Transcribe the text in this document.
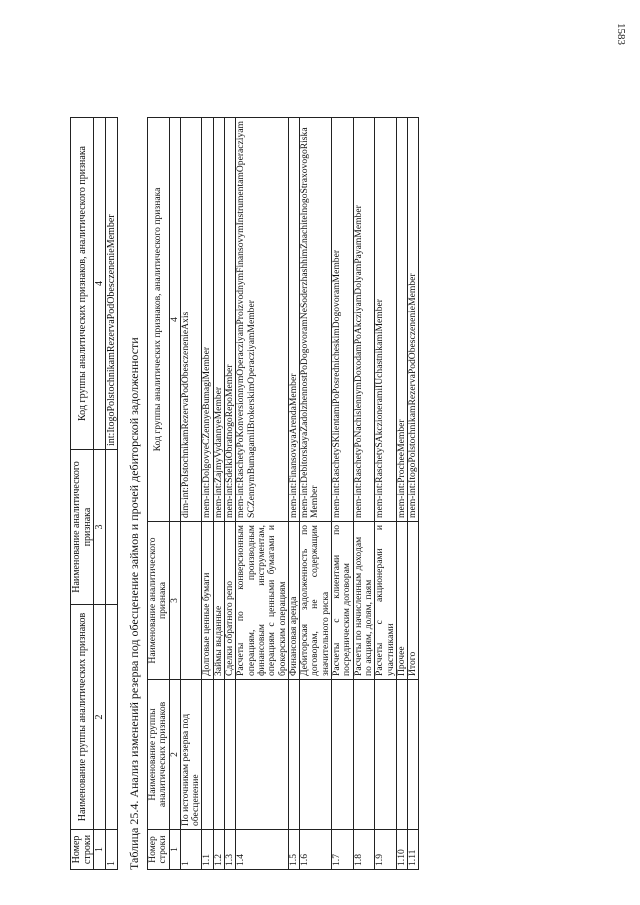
1583
Номер строки	Наименование группы аналитических признаков	Наименование аналитического признака	Код группы аналитических признаков, аналитического признака
1	2	3	4
1			int:ItogoPolstochnikamRezervaPodObesczenenieMember
Таблица 25.4. Анализ изменений резерва под обесценение займов и прочей дебиторской задолженности Номер строки	Наименование группы аналитических признаков	Наименование аналитического признака	Код группы аналитических признаков, аналитического признака
1	2	3	4
1	По источникам резерва под обесценение		dim-int:PoIstochnikamRezervaPodObesczenenieAxis
1.1		Долговые ценные бумаги	mem-int:DolgovyeCZennyeBumagiMember
1.2		Займы выданные	mem-int:ZajmyVydannyeMember
1.3		Сделки обратного репо	mem-int:SdelkiObratnogoRepoMember
1.4		Расчеты по конверсионным операциям, производным финансовым инструментам, операциям с ценными бумагами и брокерским операциям	mem-int:RaschetyPoKonversionnymOperacziyamProizvodnymFinansovymInstrumentamOperacziyamSCZennymBumagamiIBrokerskimOperacziyamMember
1.5		Финансовая аренда	mem-int:FinansovayaArendaMember
1.6		Дебиторская задолженность по договорам, не содержащим значительного риска	mem-int:DebitorskayaZadolzhennostPoDogovoramNeSoderzhashhimZnachitelnogoStraxovogoRiskaMember
1.7		Расчеты с клиентами по посредническим договорам	mem-int:RaschetySKlientamiPoPosrednicheskimDogovoramMember
1.8		Расчеты по начисленным доходам по акциям, долям, паям	mem-int:RaschetyPoNachislennymDoxodamPoAkcziyamDolyamPayamMember
1.9		Расчеты с акционерами и участниками	mem-int:RaschetySAkczioneramiIUchastnikamiMember
1.10		Прочее	mem-int:ProcheeMember
1.11		Итого	mem-int:ItogoPolstochnikamRezervaPodObesczenenieMember
